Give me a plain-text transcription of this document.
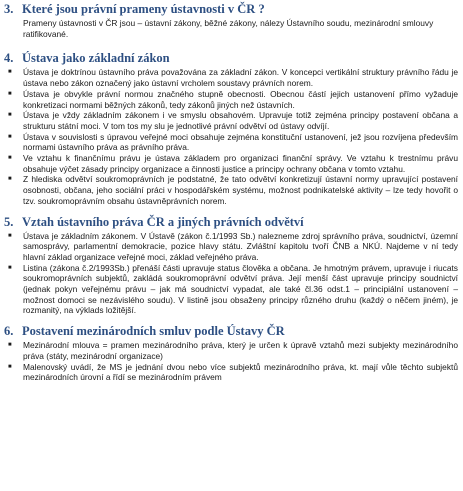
3. Které jsou právní prameny ústavnosti v ČR ?

Prameny ústavnosti v ČR jsou – ústavní zákony, běžné zákony, nálezy Ústavního soudu, mezinárodní smlouvy ratifikované.

4. Ústava jako základní zákon
■	Ústava je doktrínou ústavního práva považována za základní zákon. V koncepci vertikální struktury právního řádu je ústava nebo zákon označený jako ústavní vrcholem soustavy právních norem.
■	Ústava je obvykle právní normou značného stupně obecnosti. Obecnou částí jejich ustanovení přímo vyžaduje konkretizaci normami běžných zákonů, tedy zákonů jiných než ústavních.
■	Ústava je vždy základním zákonem i ve smyslu obsahovém. Upravuje totiž zejména principy postavení občana a strukturu státní moci. V tom tos my slu je jednotlivé právní odvětví od ústavy odvíjí.
■	Ústava v souvislosti s úpravou veřejné moci obsahuje zejména konstituční ustanovení, jež jsou rozvíjena především normami ústavního práva as právního práva.
■	Ve vztahu k finančnímu právu je ústava základem pro organizaci finanční správy. Ve vztahu k trestnímu právu obsahuje výčet zásady principy organizace a činnosti justice a principy ochrany občana v tomto vztahu.
■	Z hlediska odvětví soukromoprávních je podstatné, že tato odvětví konkretizují ústavní normy upravující postavení osobnosti, občana, jeho sociální práci v hospodářském systému, možnost podnikatelské aktivity – lze tedy hovořit o tzv. soukromoprávním obsahu ústavněprávních norem.
5. Vztah ústavního práva ČR a jiných právních odvětví
■	Ústava je základním zákonem. V Ústavě (zákon č.1/1993 Sb.) nalezneme zdroj správního práva, soudnictví, územní samosprávy, parlamentní demokracie, pozice hlavy státu. Zvláštní kapitolu tvoří ČNB a NKÚ. Najdeme v ní tedy hlavní základ organizace veřejné moci, základ veřejného práva.
■	Listina (zákona č.2/1993Sb.) přenáší části upravuje status člověka a občana. Je hmotným právem, upravuje i riucats soukromoprávních subjektů, zakládá soukromoprávní odvětví práva. Její menší část upravuje principy soudnictví (jednak pokyn veřejnému právu – jak má soudnictví vypadat, ale také čl.36 odst.1 – principiální ustanovení – možnost domoci se nezávislého soudu). V listině jsou obsaženy principy různého druhu (každý o něčem jiném), je rozmanitý, na výklads ložitější.
6. Postavení mezinárodních smluv podle Ústavy ČR
■	Mezinárodní mlouva = pramen mezinárodního práva, který je určen k úpravě vztahů mezi subjekty mezinárodního práva (státy, mezinárodní organizace)
■	Malenovský uvádí, že MS je jednání dvou nebo více subjektů mezinárodního práva, kt. mají vůle těchto subjektů mezinárodních úrovní a řídí se mezinárodním právem
